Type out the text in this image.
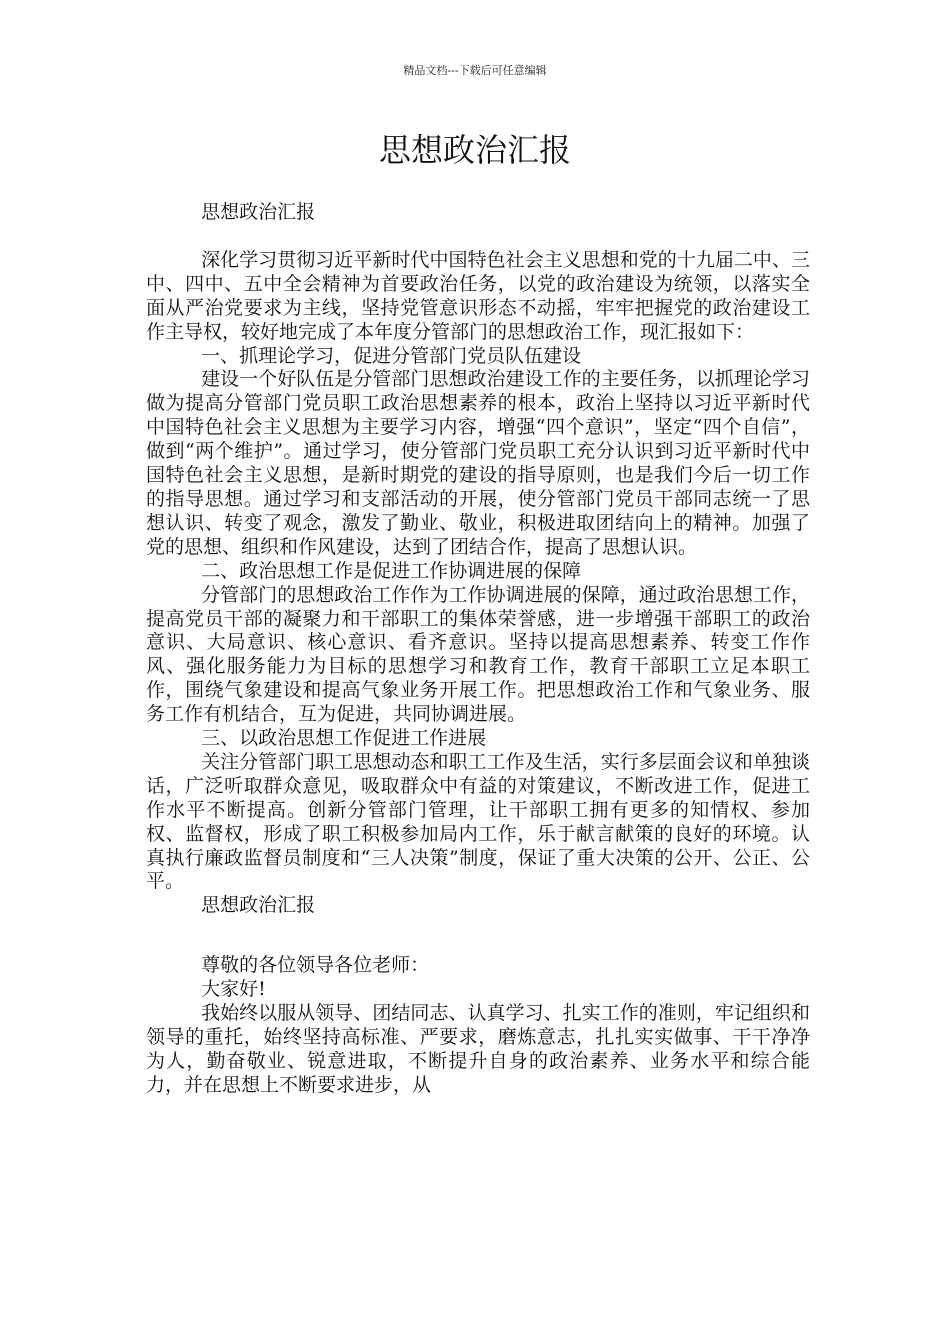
精品文档---下载后可任意编辑
思想政治汇报

思想政治汇报

深化学习贯彻习近平新时代中国特色社会主义思想和党的十九届二中、三中、四中、五中全会精神为首要政治任务，以党的政治建设为统领，以落实全面从严治党要求为主线，坚持党管意识形态不动摇，牢牢把握党的政治建设工作主导权，较好地完成了本年度分管部门的思想政治工作，现汇报如下：

一、抓理论学习，促进分管部门党员队伍建设

建设一个好队伍是分管部门思想政治建设工作的主要任务，以抓理论学习做为提高分管部门党员职工政治思想素养的根本，政治上坚持以习近平新时代中国特色社会主义思想为主要学习内容，增强“四个意识”，坚定“四个自信”，做到“两个维护”。通过学习，使分管部门党员职工充分认识到习近平新时代中国特色社会主义思想，是新时期党的建设的指导原则，也是我们今后一切工作的指导思想。通过学习和支部活动的开展，使分管部门党员干部同志统一了思想认识、转变了观念，激发了勤业、敬业，积极进取团结向上的精神。加强了党的思想、组织和作风建设，达到了团结合作，提高了思想认识。

二、政治思想工作是促进工作协调进展的保障

分管部门的思想政治工作作为工作协调进展的保障，通过政治思想工作，提高党员干部的凝聚力和干部职工的集体荣誉感，进一步增强干部职工的政治意识、大局意识、核心意识、看齐意识。坚持以提高思想素养、转变工作作风、强化服务能力为目标的思想学习和教育工作，教育干部职工立足本职工作，围绕气象建设和提高气象业务开展工作。把思想政治工作和气象业务、服务工作有机结合，互为促进，共同协调进展。

三、以政治思想工作促进工作进展

关注分管部门职工思想动态和职工工作及生活，实行多层面会议和单独谈话，广泛听取群众意见，吸取群众中有益的对策建议，不断改进工作，促进工作水平不断提高。创新分管部门管理，让干部职工拥有更多的知情权、参加权、监督权，形成了职工积极参加局内工作，乐于献言献策的良好的环境。认真执行廉政监督员制度和“三人决策”制度，保证了重大决策的公开、公正、公平。

思想政治汇报

尊敬的各位领导各位老师：

大家好!

我始终以服从领导、团结同志、认真学习、扎实工作的准则，牢记组织和领导的重托，始终坚持高标准、严要求，磨炼意志，扎扎实实做事、干干净净为人，勤奋敬业、锐意进取，不断提升自身的政治素养、业务水平和综合能力，并在思想上不断要求进步，从
